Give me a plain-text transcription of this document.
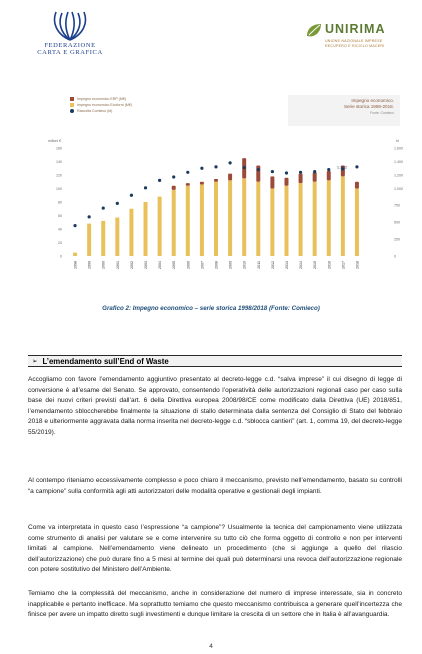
FEDERAZIONE
CARTA E GRAFICA
UNIRIMA
UNIONE NAZIONALE IMPRESE
RECUPERO E RICICLO MACERI
Impegno economico ERP (M€)
Impegno economico Ecoform (M€)
Raccolta Comieco (kt)
Impegno economico.
Serie storica 1998-2018.
Fonte: Comieco
milioni €	kt
160
140
120
100
80
60
40
20
0
1.600
1.400
1.200
1.000
750
500
250
0
1998	1999	2000	2001	2002	2003	2004	2005	2006	2007	2008	2009	2010	2011	2012	2013	2014	2015	2016	2017	2018
1.342
Grafico 2: Impegno economico – serie storica 1998/2018 (Fonte: Comieco)
➢ L’emendamento sull’End of Waste

Accogliamo con favore l’emendamento aggiuntivo presentato al decreto-legge c.d. “salva imprese” il cui disegno di legge di conversione è all’esame del Senato. Se approvato, consentendo l’operatività delle autorizzazioni regionali caso per caso sulla base dei nuovi criteri previsti dall’art. 6 della Direttiva europea 2008/98/CE come modificato dalla Direttiva (UE) 2018/851, l’emendamento sbloccherebbe finalmente la situazione di stallo determinata dalla sentenza del Consiglio di Stato del febbraio 2018 e ulteriormente aggravata dalla norma inserita nel decreto-legge c.d. “sblocca cantieri” (art. 1, comma 19, del decreto-legge 55/2019).

Al contempo riteniamo eccessivamente complesso e poco chiaro il meccanismo, previsto nell’emendamento, basato su controlli “a campione” sulla conformità agli atti autorizzatori delle modalità operative e gestionali degli impianti.

Come va interpretata in questo caso l’espressione “a campione”? Usualmente la tecnica del campionamento viene utilizzata come strumento di analisi per valutare se e come intervenire su tutto ciò che forma oggetto di controllo e non per interventi limitati al campione. Nell’emendamento viene delineato un procedimento (che si aggiunge a quello del rilascio dell’autorizzazione) che può durare fino a 5 mesi al termine dei quali può determinarsi una revoca dell’autorizzazione regionale con potere sostitutivo del Ministero dell’Ambiente.

Temiamo che la complessità del meccanismo, anche in considerazione del numero di imprese interessate, sia in concreto inapplicabile e pertanto inefficace. Ma soprattutto temiamo che questo meccanismo contribuisca a generare quell’incertezza che finisce per avere un impatto diretto sugli investimenti e dunque limitare la crescita di un settore che in Italia è all’avanguardia.

4
